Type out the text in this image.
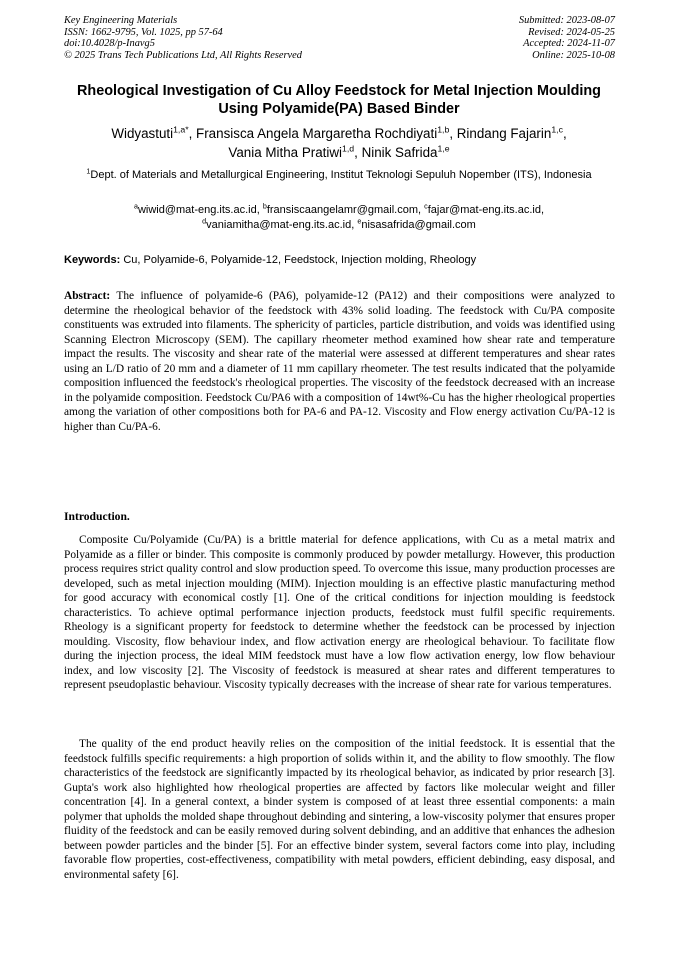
Key Engineering Materials
ISSN: 1662-9795, Vol. 1025, pp 57-64
doi:10.4028/p-Inavg5
© 2025 Trans Tech Publications Ltd, All Rights Reserved
Submitted: 2023-08-07
Revised: 2024-05-25
Accepted: 2024-11-07
Online: 2025-10-08
Rheological Investigation of Cu Alloy Feedstock for Metal Injection Moulding Using Polyamide(PA) Based Binder
Widyastuti$^{1,a*}$, Fransisca Angela Margaretha Rochdiyati$^{1,b}$, Rindang Fajarin$^{1,c}$,
Vania Mitha Pratiwi$^{1,d}$, Ninik Safrida$^{1,e}$
$^1$Dept. of Materials and Metallurgical Engineering, Institut Teknologi Sepuluh Nopember (ITS), Indonesia
$^a$wiwid@mat-eng.its.ac.id, $^b$fransiscaangelamr@gmail.com, $^c$fajar@mat-eng.its.ac.id,
$^d$vaniamitha@mat-eng.its.ac.id, $^e$nisasafrida@gmail.com
Keywords: Cu, Polyamide-6, Polyamide-12, Feedstock, Injection molding, Rheology
Abstract: The influence of polyamide-6 (PA6), polyamide-12 (PA12) and their compositions were analyzed to determine the rheological behavior of the feedstock with 43% solid loading. The feedstock with Cu/PA composite constituents was extruded into filaments. The sphericity of particles, particle distribution, and voids was identified using Scanning Electron Microscopy (SEM). The capillary rheometer method examined how shear rate and temperature impact the results. The viscosity and shear rate of the material were assessed at different temperatures and shear rates using an L/D ratio of 20 mm and a diameter of 11 mm capillary rheometer. The test results indicated that the polyamide composition influenced the feedstock's rheological properties. The viscosity of the feedstock decreased with an increase in the polyamide composition. Feedstock Cu/PA6 with a composition of 14wt%-Cu has the higher rheological properties among the variation of other compositions both for PA-6 and PA-12. Viscosity and Flow energy activation Cu/PA-12 is higher than Cu/PA-6.
Introduction.
Composite Cu/Polyamide (Cu/PA) is a brittle material for defence applications, with Cu as a metal matrix and Polyamide as a filler or binder. This composite is commonly produced by powder metallurgy. However, this production process requires strict quality control and slow production speed. To overcome this issue, many production processes are developed, such as metal injection moulding (MIM). Injection moulding is an effective plastic manufacturing method for good accuracy with economical costly [1]. One of the critical conditions for injection moulding is feedstock characteristics. To achieve optimal performance injection products, feedstock must fulfil specific requirements. Rheology is a significant property for feedstock to determine whether the feedstock can be processed by injection moulding. Viscosity, flow behaviour index, and flow activation energy are rheological behaviour. To facilitate flow during the injection process, the ideal MIM feedstock must have a low flow activation energy, low flow behaviour index, and low viscosity [2]. The Viscosity of feedstock is measured at shear rates and different temperatures to represent pseudoplastic behaviour. Viscosity typically decreases with the increase of shear rate for various temperatures.
The quality of the end product heavily relies on the composition of the initial feedstock. It is essential that the feedstock fulfills specific requirements: a high proportion of solids within it, and the ability to flow smoothly. The flow characteristics of the feedstock are significantly impacted by its rheological behavior, as indicated by prior research [3]. Gupta's work also highlighted how rheological properties are affected by factors like molecular weight and filler concentration [4]. In a general context, a binder system is composed of at least three essential components: a main polymer that upholds the molded shape throughout debinding and sintering, a low-viscosity polymer that ensures proper fluidity of the feedstock and can be easily removed during solvent debinding, and an additive that enhances the adhesion between powder particles and the binder [5]. For an effective binder system, several factors come into play, including favorable flow properties, cost-effectiveness, compatibility with metal powders, efficient debinding, easy disposal, and environmental safety [6].
